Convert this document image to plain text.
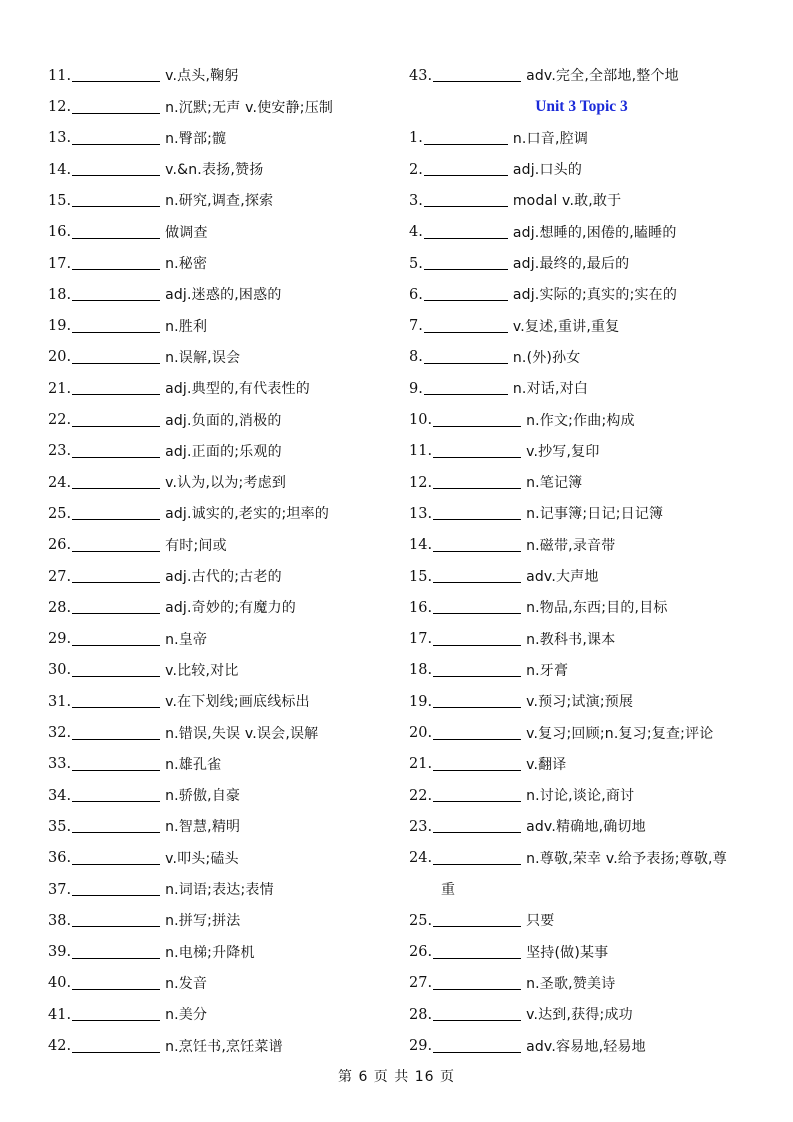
11.	v.点头,鞠躬
12.	n.沉默;无声 v.使安静;压制
13.	n.臀部;髋
14.	v.&n.表扬,赞扬
15.	n.研究,调查,探索
16.	做调查
17.	n.秘密
18.	adj.迷惑的,困惑的
19.	n.胜利
20.	n.误解,误会
21.	adj.典型的,有代表性的
22.	adj.负面的,消极的
23.	adj.正面的;乐观的
24.	v.认为,以为;考虑到
25.	adj.诚实的,老实的;坦率的
26.	有时;间或
27.	adj.古代的;古老的
28.	adj.奇妙的;有魔力的
29.	n.皇帝
30.	v.比较,对比
31.	v.在下划线;画底线标出
32.	n.错误,失误 v.误会,误解
33.	n.雄孔雀
34.	n.骄傲,自豪
35.	n.智慧,精明
36.	v.叩头;磕头
37.	n.词语;表达;表情
38.	n.拼写;拼法
39.	n.电梯;升降机
40.	n.发音
41.	n.美分
42.	n.烹饪书,烹饪菜谱
43.	adv.完全,全部地,整个地
Unit 3 Topic 3
1.	n.口音,腔调
2.	adj.口头的
3.	modal v.敢,敢于
4.	adj.想睡的,困倦的,瞌睡的
5.	adj.最终的,最后的
6.	adj.实际的;真实的;实在的
7.	v.复述,重讲,重复
8.	n.(外)孙女
9.	n.对话,对白
10.	n.作文;作曲;构成
11.	v.抄写,复印
12.	n.笔记簿
13.	n.记事簿;日记;日记簿
14.	n.磁带,录音带
15.	adv.大声地
16.	n.物品,东西;目的,目标
17.	n.教科书,课本
18.	n.牙膏
19.	v.预习;试演;预展
20.	v.复习;回顾;n.复习;复查;评论
21.	v.翻译
22.	n.讨论,谈论,商讨
23.	adv.精确地,确切地
24.	n.尊敬,荣幸 v.给予表扬;尊敬,尊
重
25.	只要
26.	坚持(做)某事
27.	n.圣歌,赞美诗
28.	v.达到,获得;成功
29.	adv.容易地,轻易地
第 6 页 共 16 页
